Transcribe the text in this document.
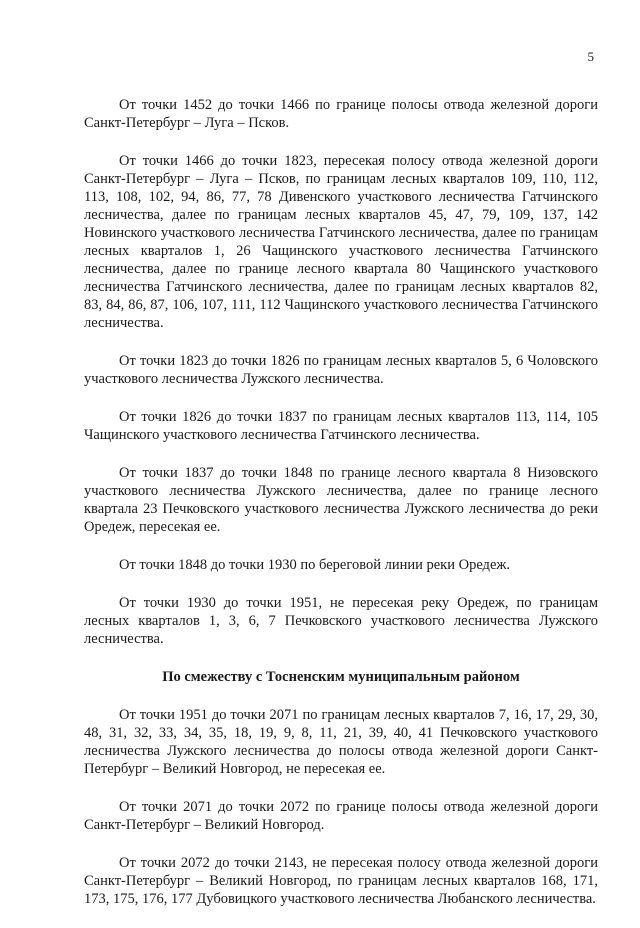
5

От точки 1452 до точки 1466 по границе полосы отвода железной дороги Санкт-Петербург – Луга – Псков.

От точки 1466 до точки 1823, пересекая полосу отвода железной дороги Санкт-Петербург – Луга – Псков, по границам лесных кварталов 109, 110, 112, 113, 108, 102, 94, 86, 77, 78 Дивенского участкового лесничества Гатчинского лесничества, далее по границам лесных кварталов 45, 47, 79, 109, 137, 142 Новинского участкового лесничества Гатчинского лесничества, далее по границам лесных кварталов 1, 26 Чащинского участкового лесничества Гатчинского лесничества, далее по границе лесного квартала 80 Чащинского участкового лесничества Гатчинского лесничества, далее по границам лесных кварталов 82, 83, 84, 86, 87, 106, 107, 111, 112 Чащинского участкового лесничества Гатчинского лесничества.

От точки 1823 до точки 1826 по границам лесных кварталов 5, 6 Чоловского участкового лесничества Лужского лесничества.

От точки 1826 до точки 1837 по границам лесных кварталов 113, 114, 105 Чащинского участкового лесничества Гатчинского лесничества.

От точки 1837 до точки 1848 по границе лесного квартала 8 Низовского участкового лесничества Лужского лесничества, далее по границе лесного квартала 23 Печковского участкового лесничества Лужского лесничества до реки Оредеж, пересекая ее.

От точки 1848 до точки 1930 по береговой линии реки Оредеж.

От точки 1930 до точки 1951, не пересекая реку Оредеж, по границам лесных кварталов 1, 3, 6, 7 Печковского участкового лесничества Лужского лесничества.

По смежеству с Тосненским муниципальным районом

От точки 1951 до точки 2071 по границам лесных кварталов 7, 16, 17, 29, 30, 48, 31, 32, 33, 34, 35, 18, 19, 9, 8, 11, 21, 39, 40, 41 Печковского участкового лесничества Лужского лесничества до полосы отвода железной дороги Санкт-Петербург – Великий Новгород, не пересекая ее.

От точки 2071 до точки 2072 по границе полосы отвода железной дороги Санкт-Петербург – Великий Новгород.

От точки 2072 до точки 2143, не пересекая полосу отвода железной дороги Санкт-Петербург – Великий Новгород, по границам лесных кварталов 168, 171, 173, 175, 176, 177 Дубовицкого участкового лесничества Любанского лесничества.
